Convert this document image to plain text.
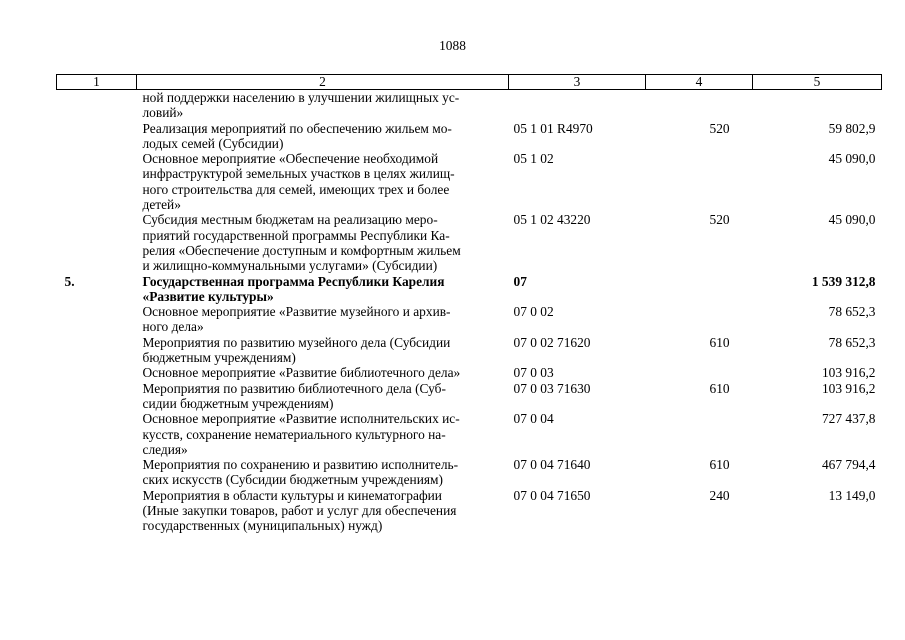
1088
1	2	3	4	5
	ной поддержки населению в улучшении жилищных ус-
ловий»			
	Реализация мероприятий по обеспечению жильем мо-
лодых семей (Субсидии)	05 1 01 R4970	520	59 802,9
	Основное мероприятие «Обеспечение необходимой
инфраструктурой земельных участков в целях жилищ-
ного строительства для семей, имеющих трех и более
детей»	05 1 02		45 090,0
	Субсидия местным бюджетам на реализацию меро-
приятий государственной программы Республики Ка-
релия «Обеспечение доступным и комфортным жильем
и жилищно-коммунальными услугами» (Субсидии)	05 1 02 43220	520	45 090,0
5.	Государственная программа Республики Карелия
«Развитие культуры»	07		1 539 312,8
	Основное мероприятие «Развитие музейного и архив-
ного дела»	07 0 02		78 652,3
	Мероприятия по развитию музейного дела (Субсидии
бюджетным учреждениям)	07 0 02 71620	610	78 652,3
	Основное мероприятие «Развитие библиотечного дела»	07 0 03		103 916,2
	Мероприятия по развитию библиотечного дела (Суб-
сидии бюджетным учреждениям)	07 0 03 71630	610	103 916,2
	Основное мероприятие «Развитие исполнительских ис-
кусств, сохранение нематериального культурного на-
следия»	07 0 04		727 437,8
	Мероприятия по сохранению и развитию исполнитель-
ских искусств (Субсидии бюджетным учреждениям)	07 0 04 71640	610	467 794,4
	Мероприятия в области культуры и кинематографии
(Иные закупки товаров, работ и услуг для обеспечения
государственных (муниципальных) нужд)	07 0 04 71650	240	13 149,0
